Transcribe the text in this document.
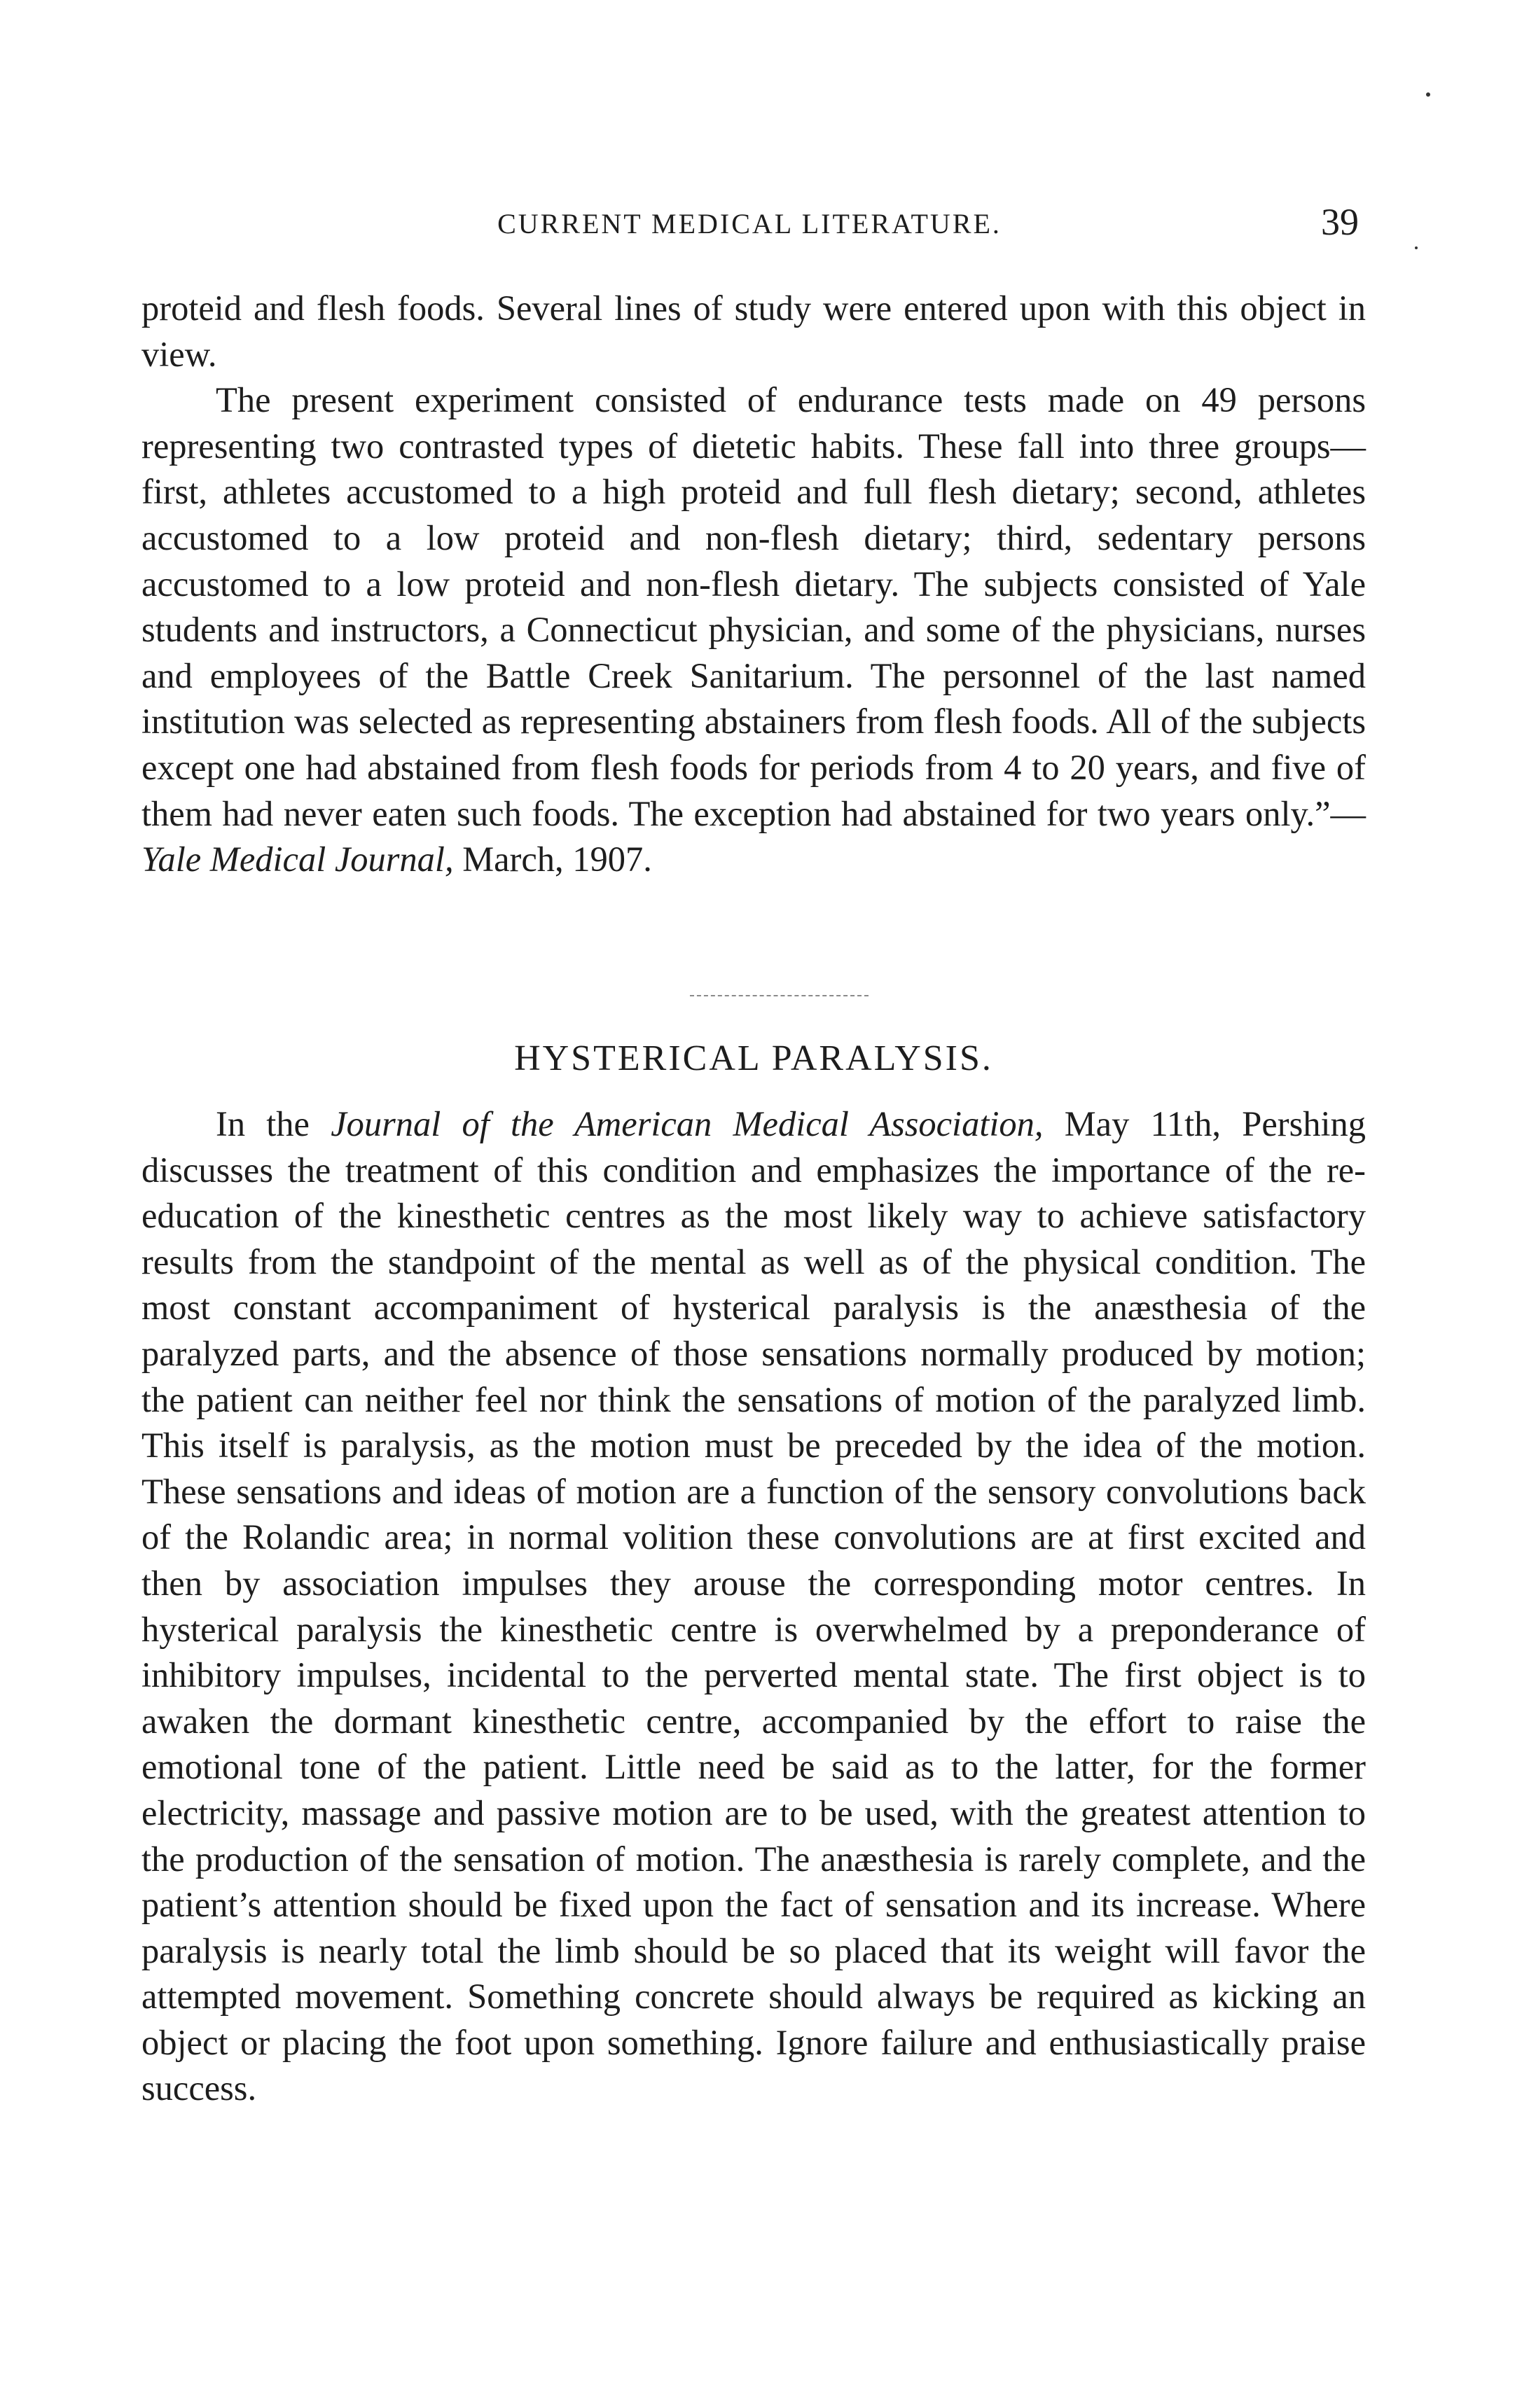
CURRENT MEDICAL LITERATURE.	39

proteid and flesh foods. Several lines of study were entered upon with this object in view.

The present experiment consisted of endurance tests made on 49 persons representing two contrasted types of dietetic habits. These fall into three groups—first, athletes accustomed to a high proteid and full flesh dietary; second, athletes accustomed to a low proteid and non-flesh dietary; third, sedentary persons accustomed to a low proteid and non-flesh dietary. The subjects consisted of Yale students and instructors, a Connecticut physician, and some of the physicians, nurses and employees of the Battle Creek Sanitarium. The personnel of the last named institution was selected as representing abstainers from flesh foods. All of the subjects except one had abstained from flesh foods for periods from 4 to 20 years, and five of them had never eaten such foods. The exception had abstained for two years only.”—Yale Medical Journal, March, 1907.

HYSTERICAL PARALYSIS.

In the Journal of the American Medical Association, May 11th, Pershing discusses the treatment of this condition and emphasizes the importance of the re-education of the kinesthetic centres as the most likely way to achieve satisfactory results from the standpoint of the mental as well as of the physical condition. The most constant accompaniment of hysterical paralysis is the anæsthesia of the paralyzed parts, and the absence of those sensations normally produced by motion; the patient can neither feel nor think the sensations of motion of the paralyzed limb. This itself is paralysis, as the motion must be preceded by the idea of the motion. These sensations and ideas of motion are a function of the sensory convolutions back of the Rolandic area; in normal volition these convolutions are at first excited and then by association impulses they arouse the corresponding motor centres. In hysterical paralysis the kinesthetic centre is overwhelmed by a preponderance of inhibitory impulses, incidental to the perverted mental state. The first object is to awaken the dormant kinesthetic centre, accompanied by the effort to raise the emotional tone of the patient. Little need be said as to the latter, for the former electricity, massage and passive motion are to be used, with the greatest attention to the production of the sensation of motion. The anæsthesia is rarely complete, and the patient’s attention should be fixed upon the fact of sensation and its increase. Where paralysis is nearly total the limb should be so placed that its weight will favor the attempted movement. Something concrete should always be required as kicking an object or placing the foot upon something. Ignore failure and enthusiastically praise success.
